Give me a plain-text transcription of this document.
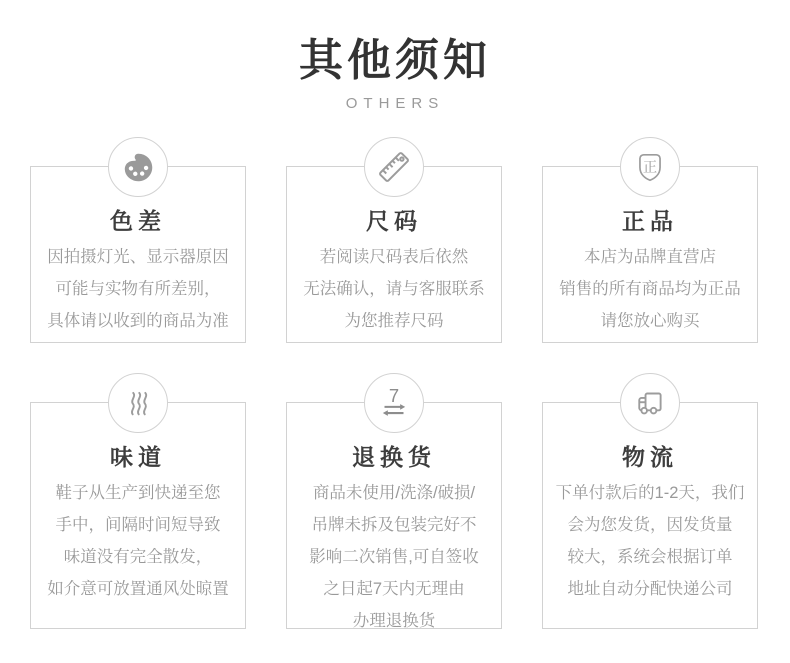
其他须知
OTHERS
色差
因拍摄灯光、显示器原因
可能与实物有所差别，
具体请以收到的商品为准
尺码
若阅读尺码表后依然
无法确认，请与客服联系
为您推荐尺码
正
正品
本店为品牌直营店
销售的所有商品均为正品
请您放心购买
味道
鞋子从生产到快递至您
手中，间隔时间短导致
味道没有完全散发，
如介意可放置通风处晾置
7
退换货
商品未使用/洗涤/破损/
吊牌未拆及包装完好不
影响二次销售,可自签收
之日起7天内无理由
办理退换货
物流
下单付款后的1-2天，我们
会为您发货，因发货量
较大，系统会根据订单
地址自动分配快递公司
